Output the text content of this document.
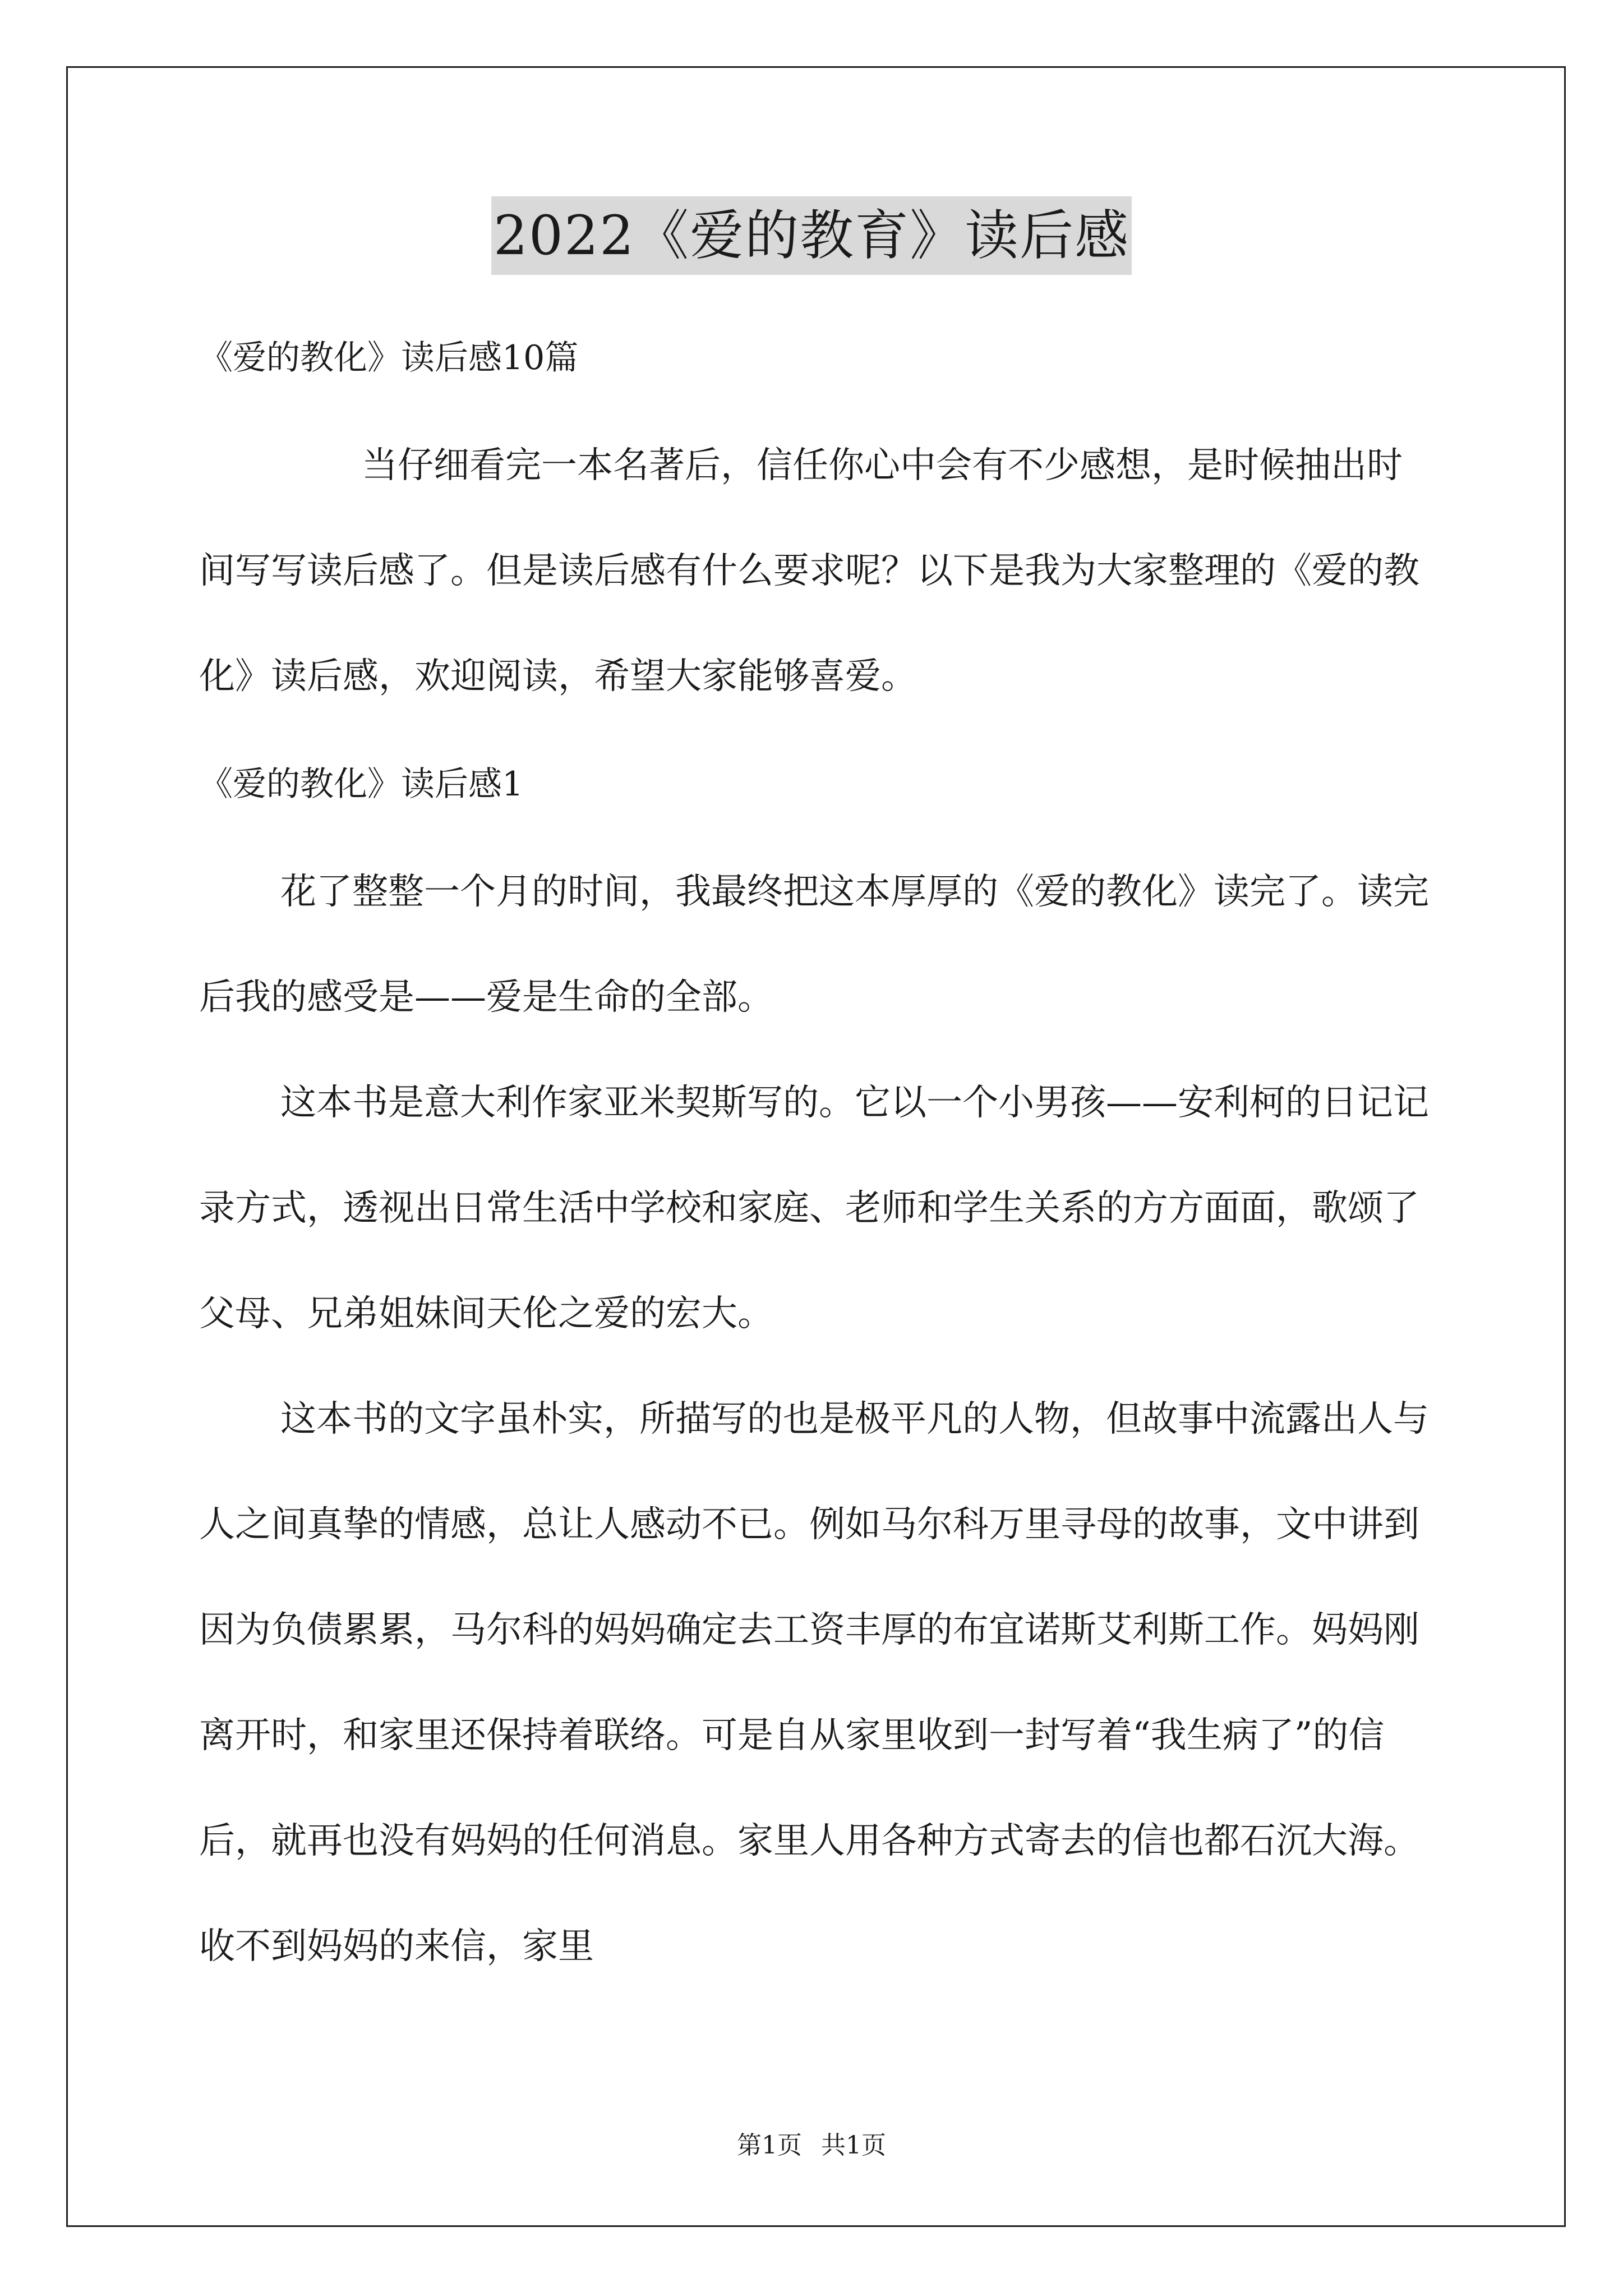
2022《爱的教育》读后感

《爱的教化》读后感10篇

当仔细看完一本名著后，信任你心中会有不少感想，是时候抽出时间写写读后感了。但是读后感有什么要求呢？以下是我为大家整理的《爱的教化》读后感，欢迎阅读，希望大家能够喜爱。

《爱的教化》读后感1

花了整整一个月的时间，我最终把这本厚厚的《爱的教化》读完了。读完后我的感受是——爱是生命的全部。

这本书是意大利作家亚米契斯写的。它以一个小男孩——安利柯的日记记录方式，透视出日常生活中学校和家庭、老师和学生关系的方方面面，歌颂了父母、兄弟姐妹间天伦之爱的宏大。

这本书的文字虽朴实，所描写的也是极平凡的人物，但故事中流露出人与人之间真挚的情感，总让人感动不已。例如马尔科万里寻母的故事，文中讲到因为负债累累，马尔科的妈妈确定去工资丰厚的布宜诺斯艾利斯工作。妈妈刚离开时，和家里还保持着联络。可是自从家里收到一封写着“我生病了”的信后，就再也没有妈妈的任何消息。家里人用各种方式寄去的信也都石沉大海。收不到妈妈的来信，家里

第1页 共1页
